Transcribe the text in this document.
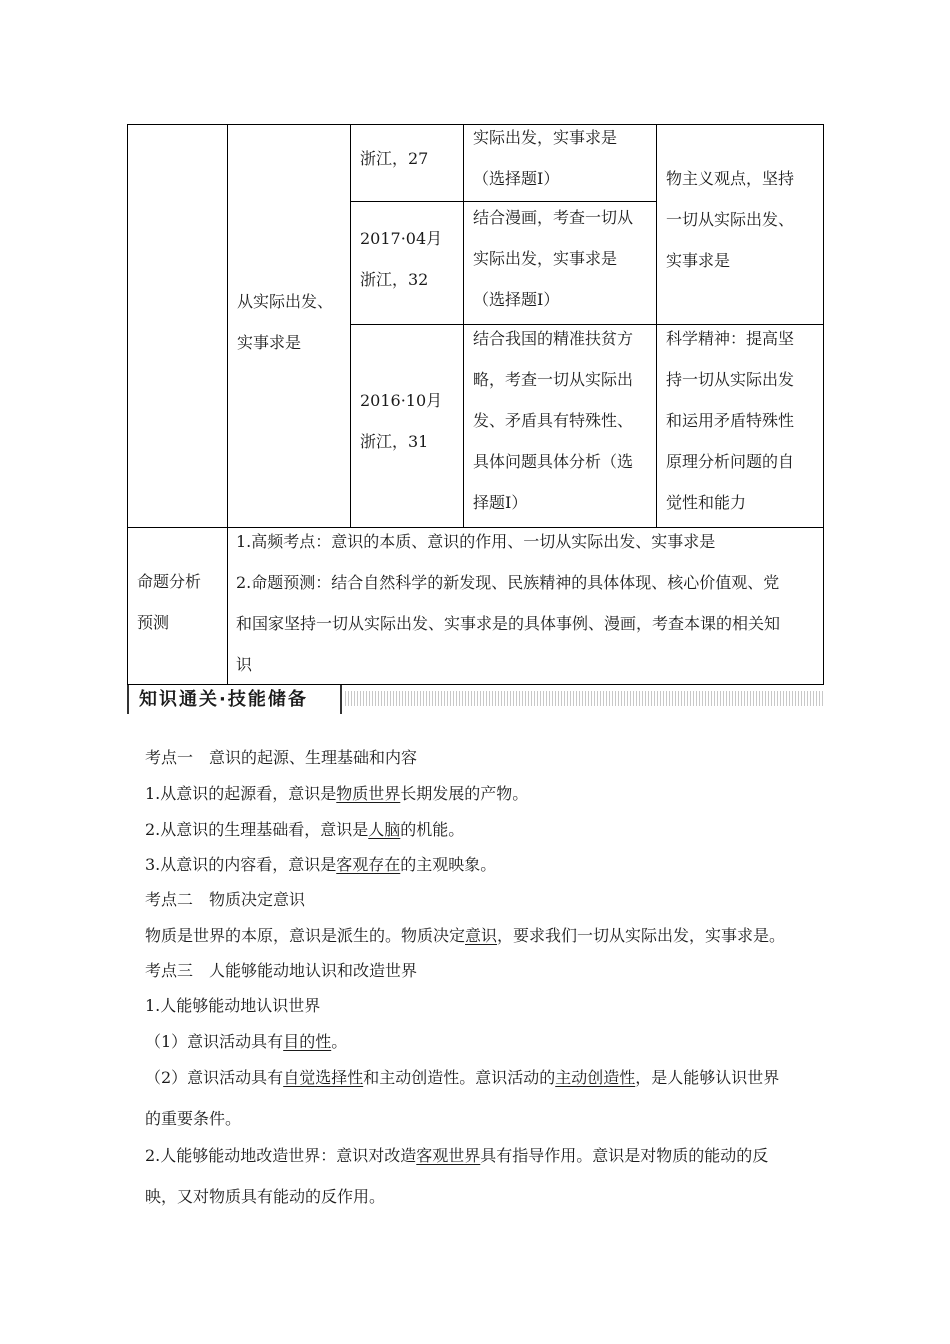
从实际出发、
实事求是
浙江，27
实际出发，实事求是
（选择题Ⅰ）
2017·04月
浙江，32
结合漫画，考查一切从
实际出发，实事求是
（选择题Ⅰ）
物主义观点，坚持
一切从实际出发、
实事求是
2016·10月
浙江，31
结合我国的精准扶贫方
略，考查一切从实际出
发、矛盾具有特殊性、
具体问题具体分析（选
择题Ⅰ）
科学精神：提高坚
持一切从实际出发
和运用矛盾特殊性
原理分析问题的自
觉性和能力
命题分析
预测
1.高频考点：意识的本质、意识的作用、一切从实际出发、实事求是
2.命题预测：结合自然科学的新发现、民族精神的具体体现、核心价值观、党
和国家坚持一切从实际出发、实事求是的具体事例、漫画，考查本课的相关知
识
知识通关·技能储备
考点一　意识的起源、生理基础和内容
1.从意识的起源看，意识是物质世界长期发展的产物。
2.从意识的生理基础看，意识是人脑的机能。
3.从意识的内容看，意识是客观存在的主观映象。
考点二　物质决定意识
物质是世界的本原，意识是派生的。物质决定意识，要求我们一切从实际出发，实事求是。
考点三　人能够能动地认识和改造世界
1.人能够能动地认识世界
（1）意识活动具有目的性。
（2）意识活动具有自觉选择性和主动创造性。意识活动的主动创造性，是人能够认识世界
的重要条件。
2.人能够能动地改造世界：意识对改造客观世界具有指导作用。意识是对物质的能动的反
映，又对物质具有能动的反作用。
